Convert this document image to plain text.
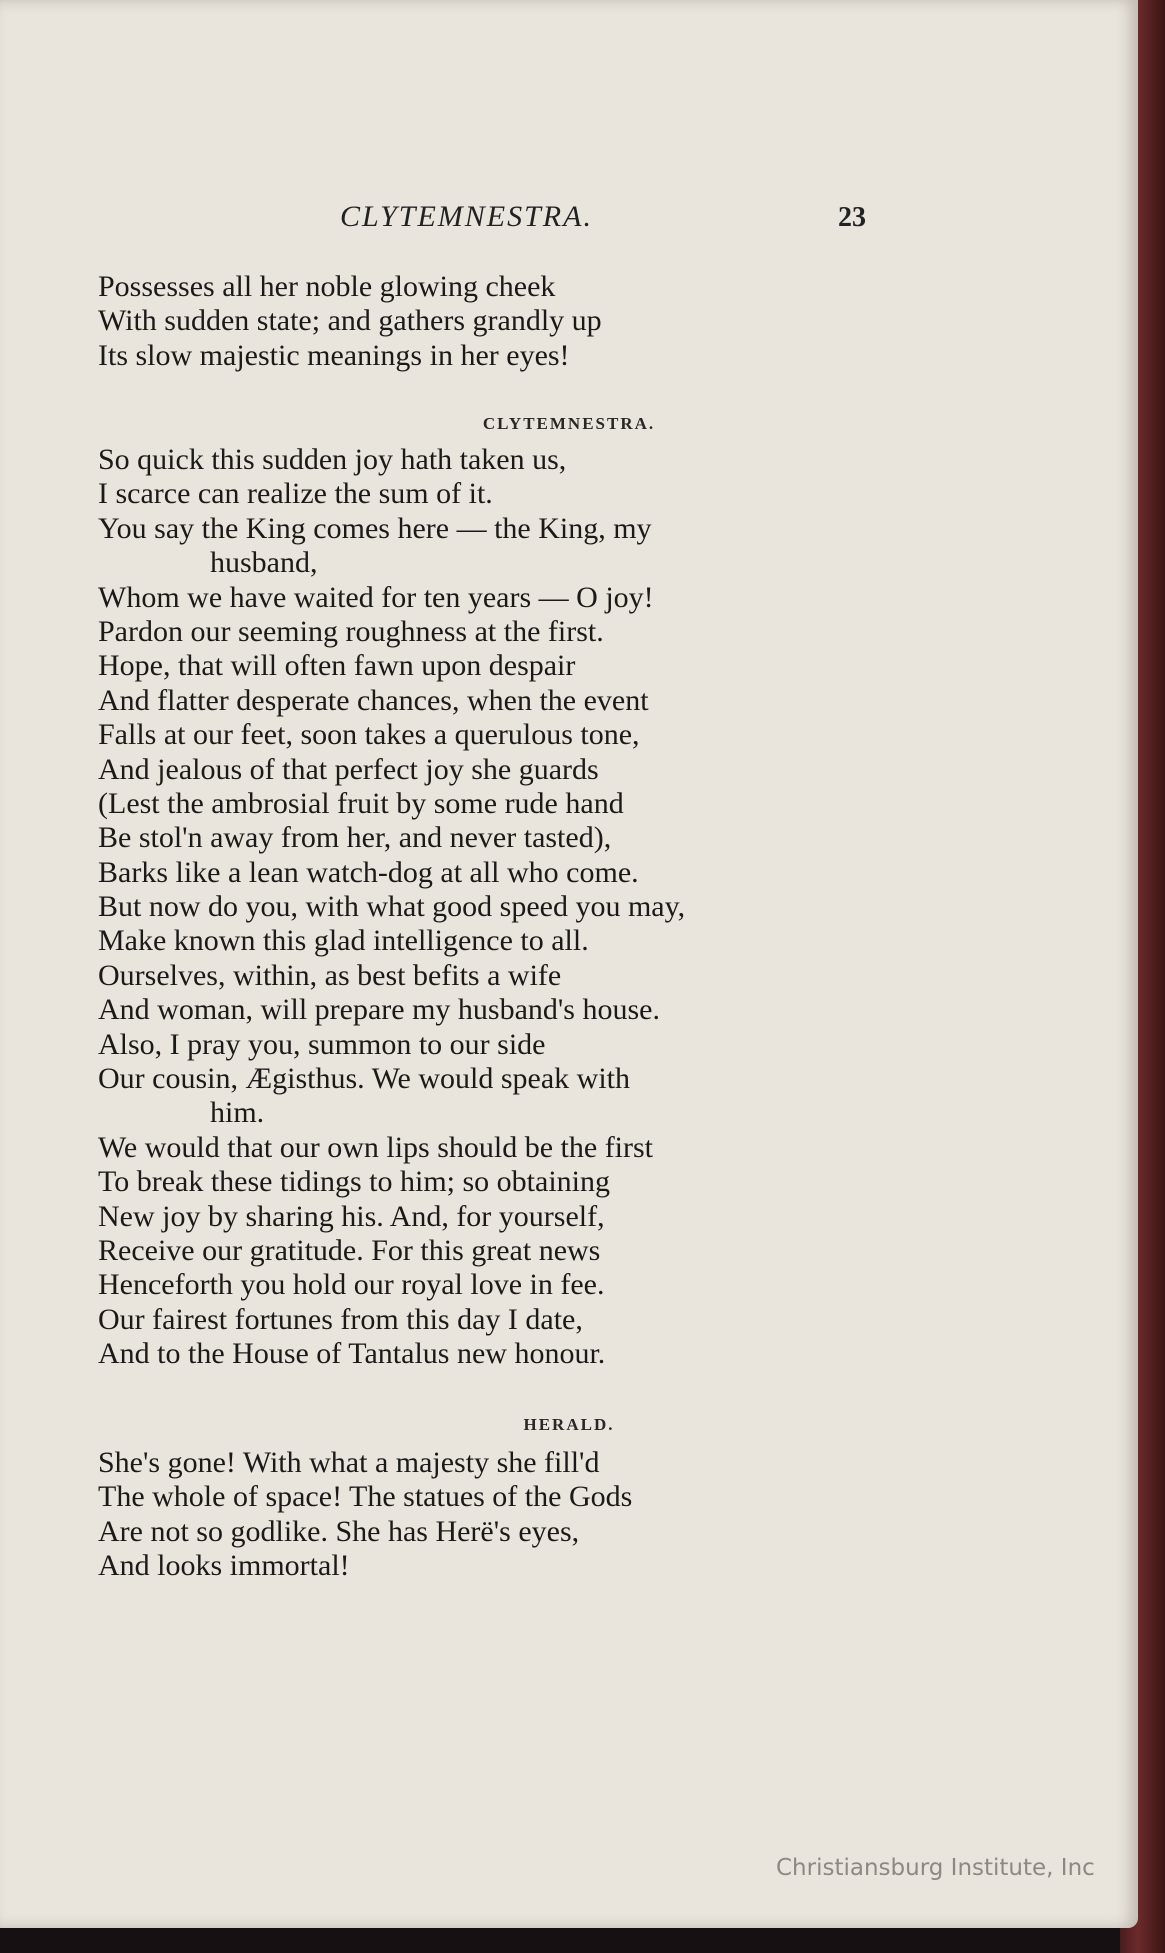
CLYTEMNESTRA.	23
Possesses all her noble glowing cheek
With sudden state; and gathers grandly up
Its slow majestic meanings in her eyes!
CLYTEMNESTRA.
So quick this sudden joy hath taken us,
I scarce can realize the sum of it.
You say the King comes here — the King, my
husband,
Whom we have waited for ten years — O joy!
Pardon our seeming roughness at the first.
Hope, that will often fawn upon despair
And flatter desperate chances, when the event
Falls at our feet, soon takes a querulous tone,
And jealous of that perfect joy she guards
(Lest the ambrosial fruit by some rude hand
Be stol'n away from her, and never tasted),
Barks like a lean watch-dog at all who come.
But now do you, with what good speed you may,
Make known this glad intelligence to all.
Ourselves, within, as best befits a wife
And woman, will prepare my husband's house.
Also, I pray you, summon to our side
Our cousin, Ægisthus. We would speak with
him.
We would that our own lips should be the first
To break these tidings to him; so obtaining
New joy by sharing his. And, for yourself,
Receive our gratitude. For this great news
Henceforth you hold our royal love in fee.
Our fairest fortunes from this day I date,
And to the House of Tantalus new honour.
HERALD.
She's gone! With what a majesty she fill'd
The whole of space! The statues of the Gods
Are not so godlike. She has Herë's eyes,
And looks immortal!
Christiansburg Institute, Inc
